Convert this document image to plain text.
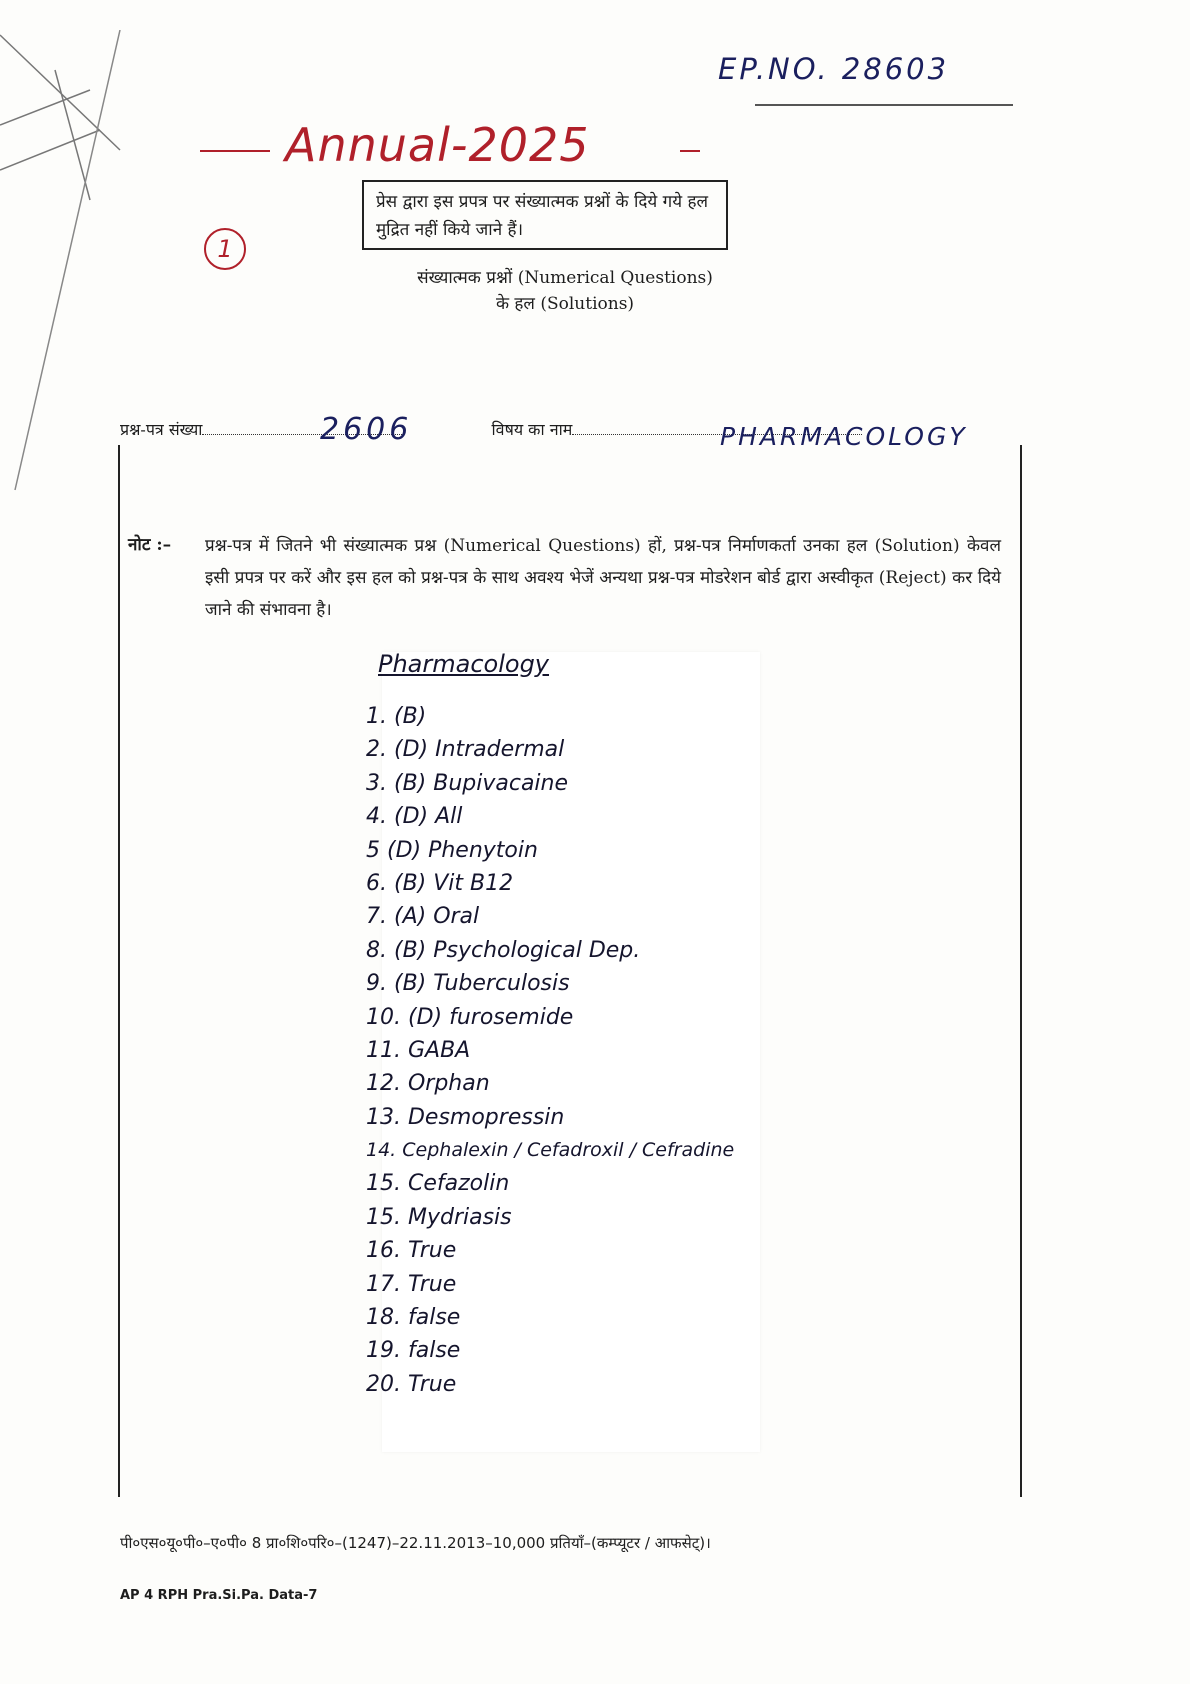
EP.NO. 28603
Annual-2025
1
प्रेस द्वारा इस प्रपत्र पर संख्यात्मक प्रश्नों के दिये गये हल मुद्रित नहीं किये जाने हैं।
संख्यात्मक प्रश्नों (Numerical Questions)
के हल (Solutions)
प्रश्न-पत्र संख्या	विषय का नाम
2606	PHARMACOLOGY
नोट :– प्रश्न-पत्र में जितने भी संख्यात्मक प्रश्न (Numerical Questions) हों, प्रश्न-पत्र निर्माणकर्ता उनका हल (Solution) केवल इसी प्रपत्र पर करें और इस हल को प्रश्न-पत्र के साथ अवश्य भेजें अन्यथा प्रश्न-पत्र मोडरेशन बोर्ड द्वारा अस्वीकृत (Reject) कर दिये जाने की संभावना है।
Pharmacology
1. (B)
2. (D) Intradermal
3. (B) Bupivacaine
4. (D) All
5 (D) Phenytoin
6. (B) Vit B12
7. (A) Oral
8. (B) Psychological Dep.
9. (B) Tuberculosis
10. (D) furosemide
11. GABA
12. Orphan
13. Desmopressin
14. Cephalexin / Cefadroxil / Cefradine
15. Cefazolin
15. Mydriasis
16. True
17. True
18. false
19. false
20. True
पी०एस०यू०पी०–ए०पी० 8 प्रा०शि०परि०–(1247)–22.11.2013–10,000 प्रतियाँ–(कम्प्यूटर / आफसेट्)।
AP 4 RPH Pra.Si.Pa. Data-7
